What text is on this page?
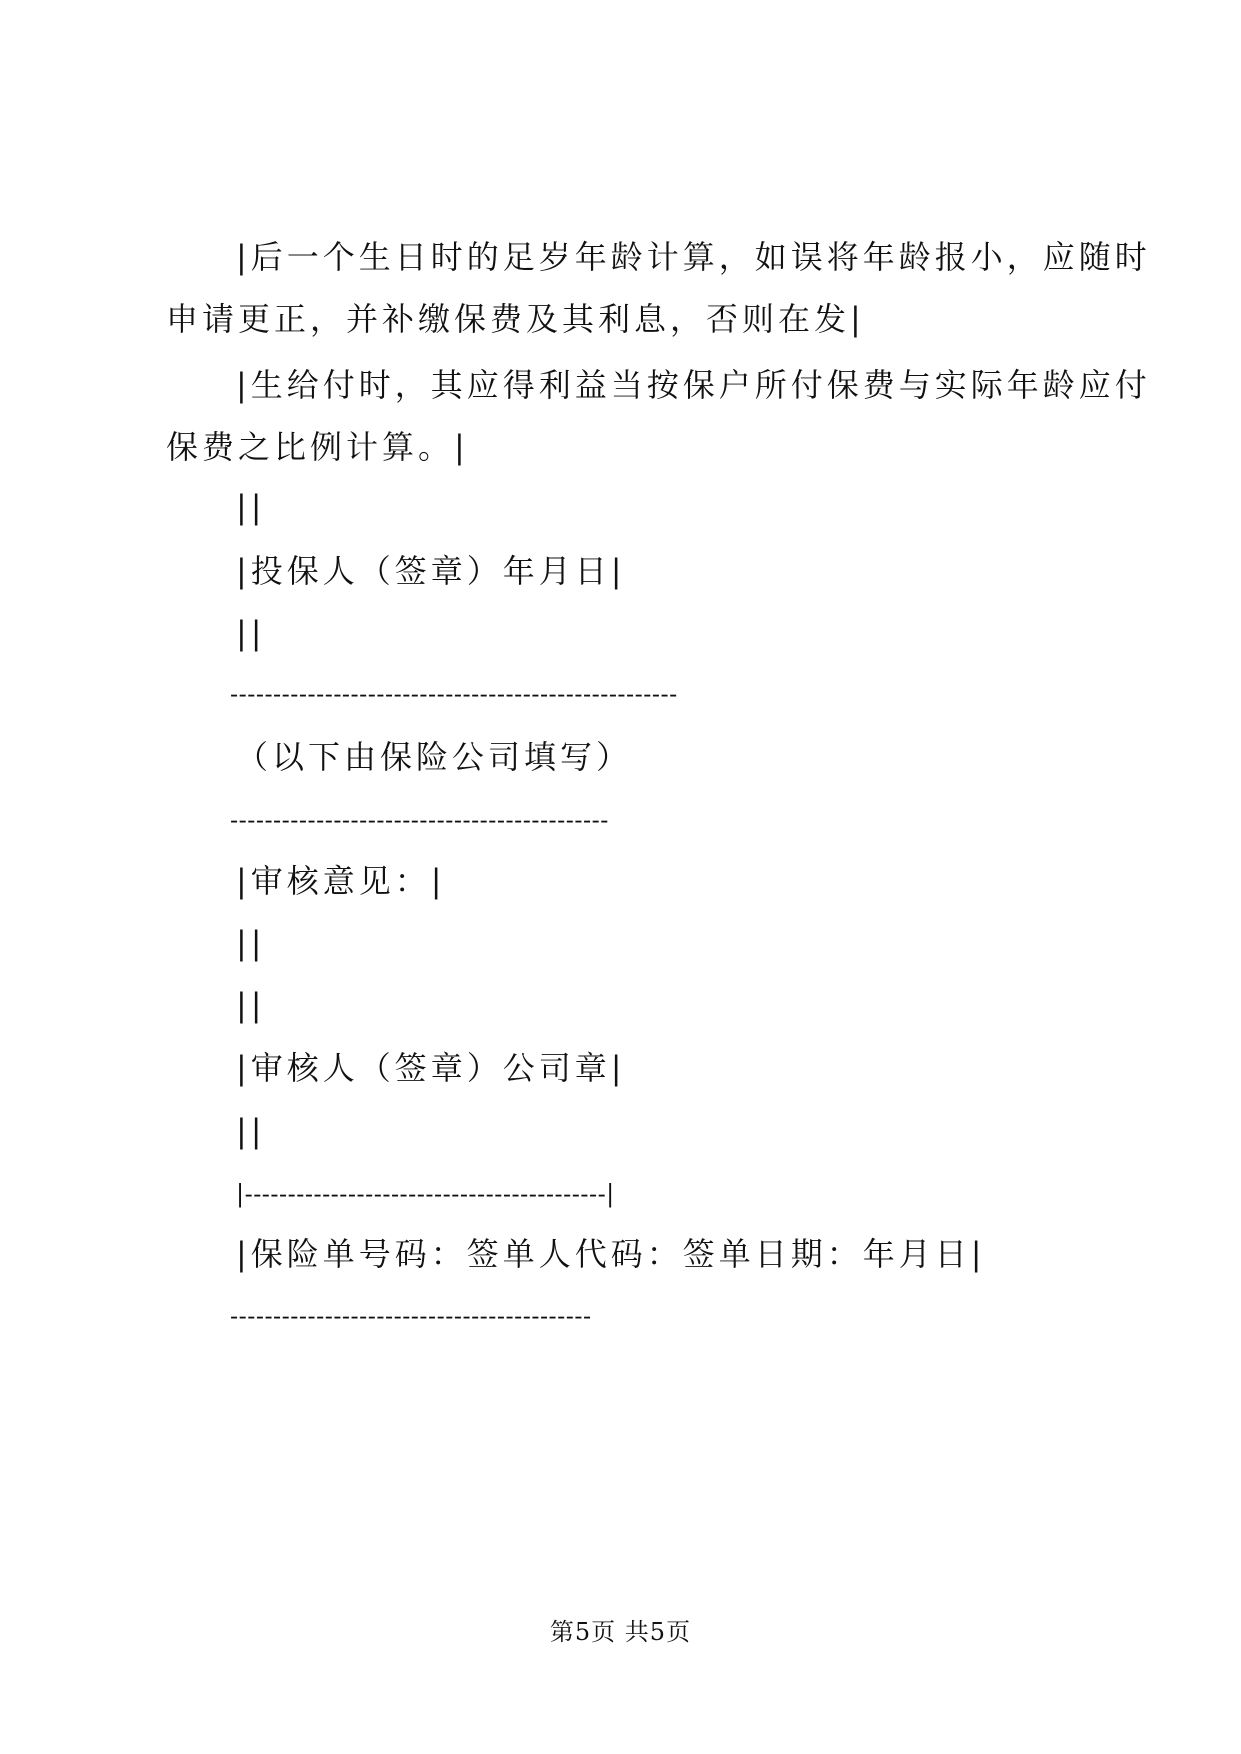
|后一个生日时的足岁年龄计算，如误将年龄报小，应随时
申请更正，并补缴保费及其利息，否则在发|
|生给付时，其应得利益当按保户所付保费与实际年龄应付
保费之比例计算。|
||
|投保人（签章）年月日|
||
----------------------------------------------------
（以下由保险公司填写）
--------------------------------------------
|审核意见：|
||
||
|审核人（签章）公司章|
||
|------------------------------------------|
|保险单号码：签单人代码：签单日期：年月日|
------------------------------------------
第5页 共5页
